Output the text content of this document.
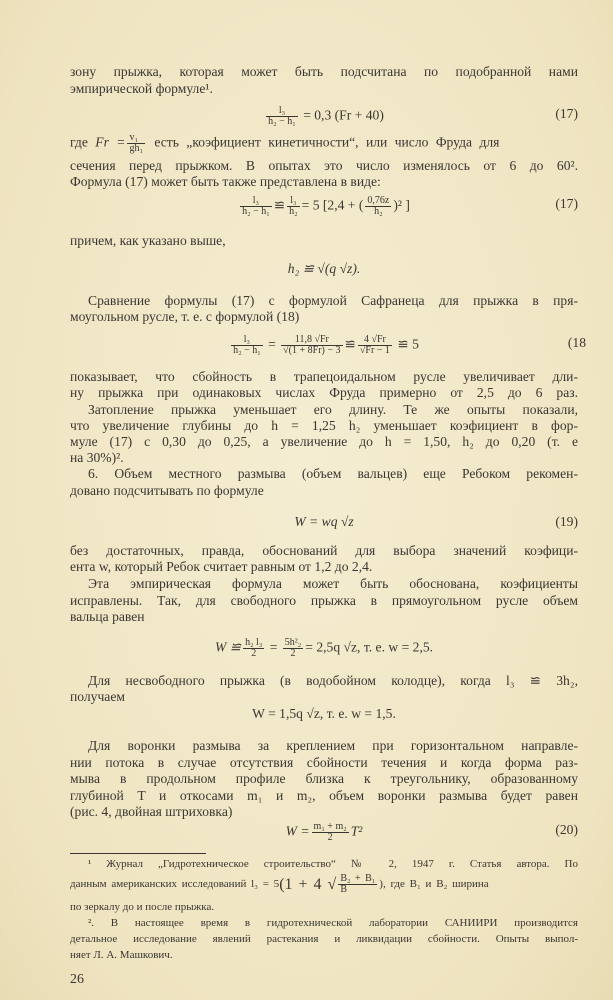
зону прыжка, которая может быть подсчитана по подобранной нами
эмпирической формуле¹.
$\frac{\text{l₃}}{\text{h₂ − h₁}} = 0,3$ (Fr + 40)	(17)
где $Fr = \frac{\text{v₁}}{\text{gh₁}}$ есть „коэфициент кинетичности“, или число Фруда для
сечения перед прыжком. В опытах это число изменялось от 6 до 60².
Формула (17) может быть также представлена в виде:
$\frac{\text{l₃}}{\text{h₂ − h₁}}$ ≌ $\frac{\text{l₃}}{\text{h₂}} = 5$ [2,4 + ( $\frac{0,76z}{\text{h₂}} )^2$ ]	(17)
причем, как указано выше,
h₂ ≌ √(q √z).
Сравнение формулы (17) с формулой Сафранеца для прыжка в пря-
моугольном русле, т. е. с формулой (18)
$\frac{\text{l₃}}{\text{h₂ − h₁}} = \frac{11,8 √Fr}{√(1 + 8Fr) - 3}$ ≌ $\frac{4 √Fr}{√Fr - 1}$ ≌ 5	(18
показывает, что сбойность в трапецоидальном русле увеличивает дли-
ну прыжка при одинаковых числах Фруда примерно от 2,5 до 6 раз.
Затопление прыжка уменьшает его длину. Те же опыты показали,
что увеличение глубины до h = 1,25 h₂ уменьшает коэфициент в фор-
муле (17) с 0,30 до 0,25, а увеличение до h = 1,50, h₂ до 0,20 (т. е
на 30%)².
6. Объем местного размыва (объем вальцев) еще Ребоком рекомен-
довано подсчитывать по формуле
W = wq √z	(19)
без достаточных, правда, обоснований для выбора значений коэфици-
ента w, который Ребок считает равным от 1,2 до 2,4.
Эта эмпирическая формула может быть обоснована, коэфициенты
исправлены. Так, для свободного прыжка в прямоугольном русле объем
вальца равен
W ≌ $\frac{\text{h₂ l₃}}{2} = \frac{\text{5h²₂}}{2} = 2,5q$ √z, т. е. w = 2,5.
Для несвободного прыжка (в водобойном колодце), когда l₃ ≌ 3h₂,
получаем
W = 1,5q √z, т. е. w = 1,5.
Для воронки размыва за креплением при горизонтальном направле-
нии потока в случае отсутствия сбойности течения и когда форма раз-
мыва в продольном профиле близка к треугольнику, образованному
глубиной T и откосами m₁ и m₂, объем воронки размыва будет равен
(рис. 4, двойная штриховка)
$W = \frac{\text{m₁ + m₂}}{2} T^2$	(20)
¹ Журнал „Гидротехническое строительство“ № 2, 1947 г. Статья автора. По
данным американских исследований l₃ = 5(1 + 4 √ $\frac{\text{B₂ + B₁}}{B}$ ), где B₁ и B₂ ширина
по зеркалу до и после прыжка.
². В настоящее время в гидротехнической лаборатории САНИИРИ производится
детальное исследование явлений растекания и ликвидации сбойности. Опыты выпол-
няет Л. А. Машкович.
26
